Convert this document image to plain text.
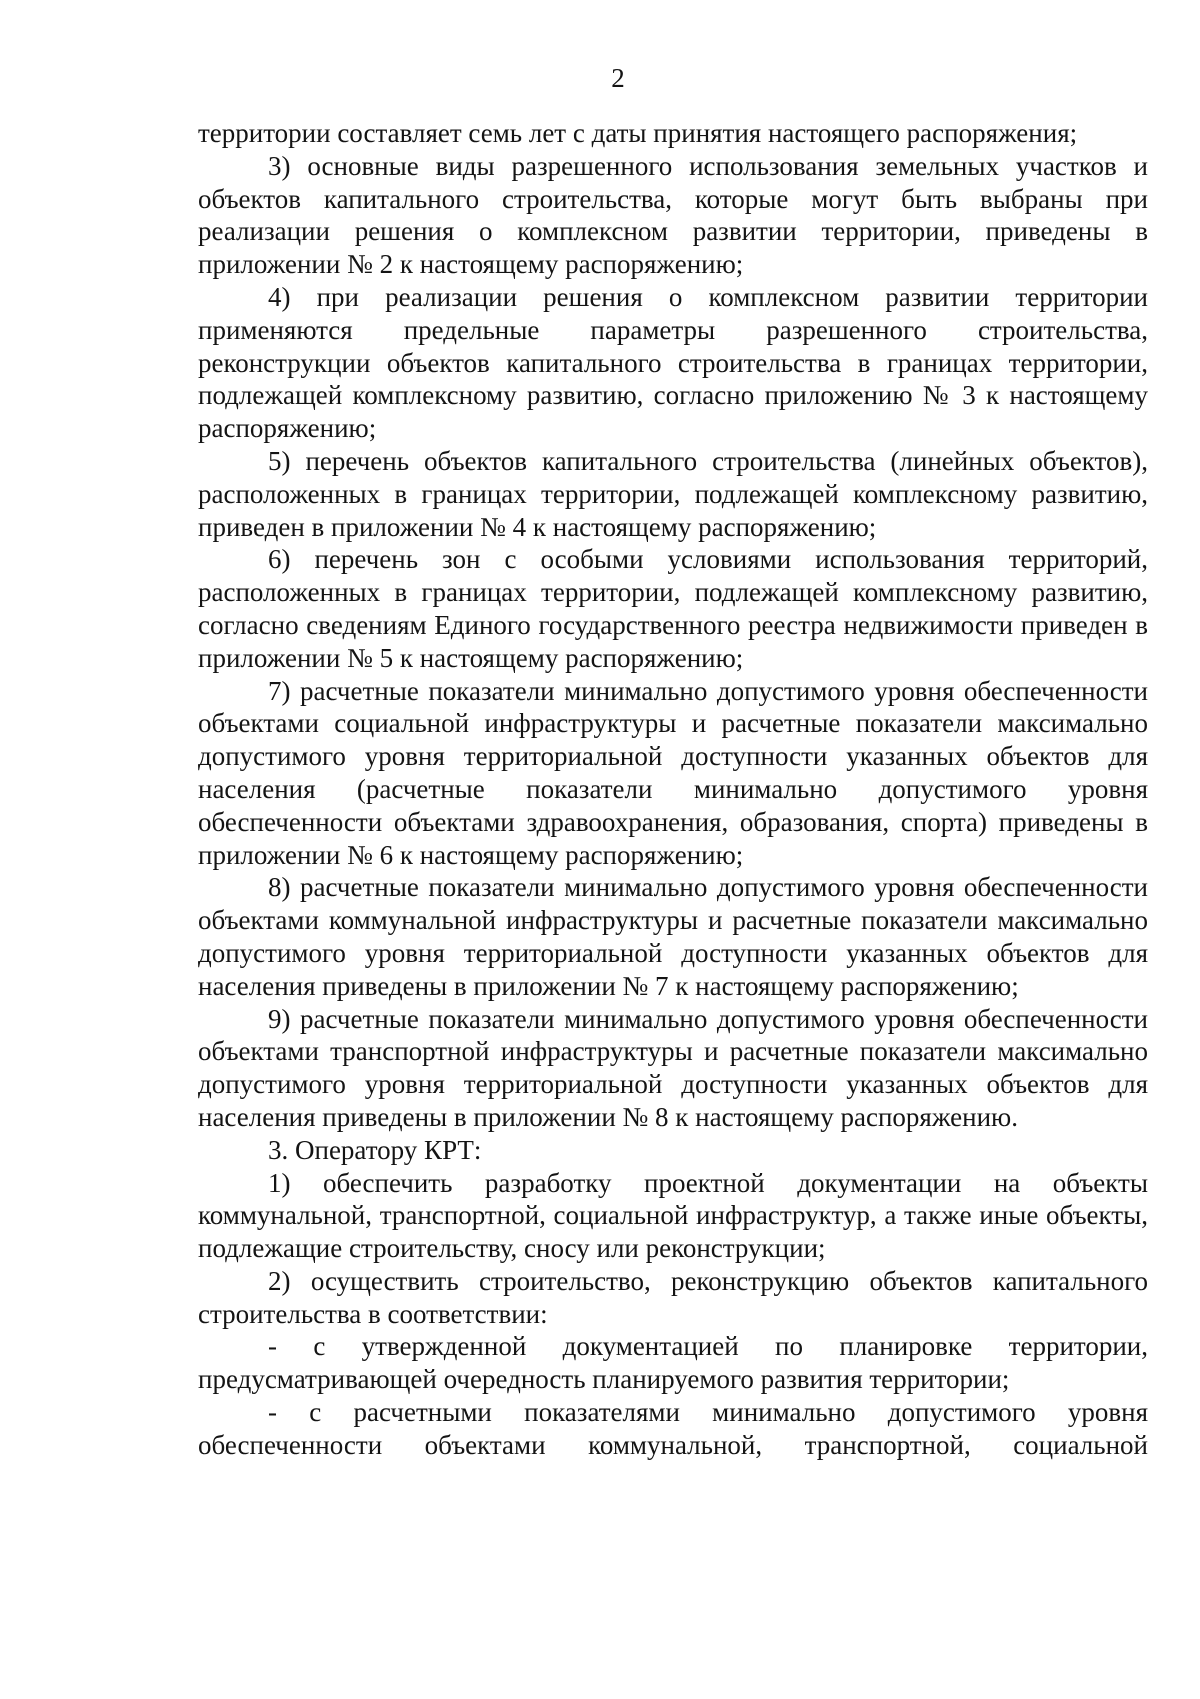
2

территории составляет семь лет с даты принятия настоящего распоряжения;

3) основные виды разрешенного использования земельных участков и объектов капитального строительства, которые могут быть выбраны при реализации решения о комплексном развитии территории, приведены в приложении № 2 к настоящему распоряжению;

4) при реализации решения о комплексном развитии территории применяются предельные параметры разрешенного строительства, реконструкции объектов капитального строительства в границах территории, подлежащей комплексному развитию, согласно приложению № 3 к настоящему распоряжению;

5) перечень объектов капитального строительства (линейных объектов), расположенных в границах территории, подлежащей комплексному развитию, приведен в приложении № 4 к настоящему распоряжению;

6) перечень зон с особыми условиями использования территорий, расположенных в границах территории, подлежащей комплексному развитию, согласно сведениям Единого государственного реестра недвижимости приведен в приложении № 5 к настоящему распоряжению;

7) расчетные показатели минимально допустимого уровня обеспеченности объектами социальной инфраструктуры и расчетные показатели максимально допустимого уровня территориальной доступности указанных объектов для населения (расчетные показатели минимально допустимого уровня обеспеченности объектами здравоохранения, образования, спорта) приведены в приложении № 6 к настоящему распоряжению;

8) расчетные показатели минимально допустимого уровня обеспеченности объектами коммунальной инфраструктуры и расчетные показатели максимально допустимого уровня территориальной доступности указанных объектов для населения приведены в приложении № 7 к настоящему распоряжению;

9) расчетные показатели минимально допустимого уровня обеспеченности объектами транспортной инфраструктуры и расчетные показатели максимально допустимого уровня территориальной доступности указанных объектов для населения приведены в приложении № 8 к настоящему распоряжению.

3. Оператору КРТ:

1) обеспечить разработку проектной документации на объекты коммунальной, транспортной, социальной инфраструктур, а также иные объекты, подлежащие строительству, сносу или реконструкции;

2) осуществить строительство, реконструкцию объектов капитального строительства в соответствии:

- с утвержденной документацией по планировке территории, предусматривающей очередность планируемого развития территории;

- с расчетными показателями минимально допустимого уровня обеспеченности объектами коммунальной, транспортной, социальной
